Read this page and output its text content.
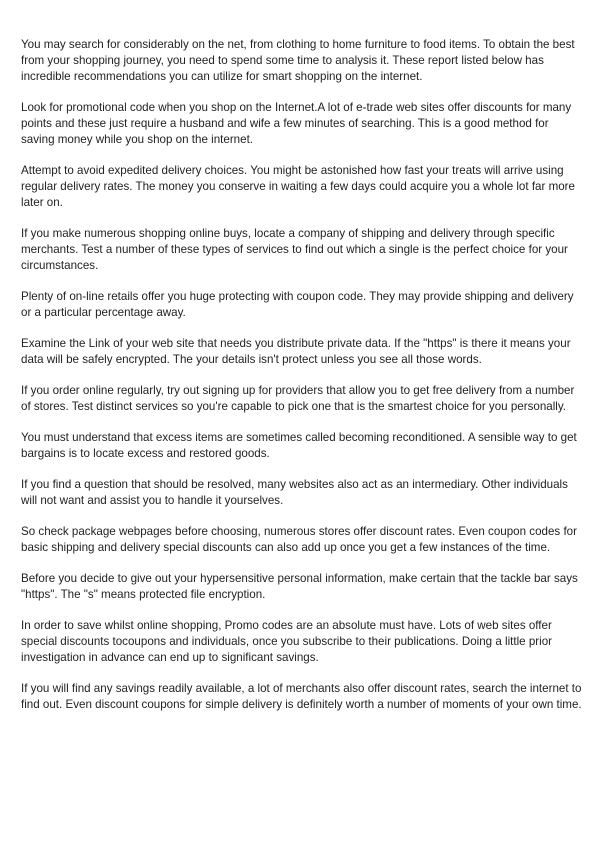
You may search for considerably on the net, from clothing to home furniture to food items. To obtain the best from your shopping journey, you need to spend some time to analysis it. These report listed below has incredible recommendations you can utilize for smart shopping on the internet.

Look for promotional code when you shop on the Internet.A lot of e-trade web sites offer discounts for many points and these just require a husband and wife a few minutes of searching. This is a good method for saving money while you shop on the internet.

Attempt to avoid expedited delivery choices. You might be astonished how fast your treats will arrive using regular delivery rates. The money you conserve in waiting a few days could acquire you a whole lot far more later on.

If you make numerous shopping online buys, locate a company of shipping and delivery through specific merchants. Test a number of these types of services to find out which a single is the perfect choice for your circumstances.

Plenty of on-line retails offer you huge protecting with coupon code. They may provide shipping and delivery or a particular percentage away.

Examine the Link of your web site that needs you distribute private data. If the "https" is there it means your data will be safely encrypted. The your details isn't protect unless you see all those words.

If you order online regularly, try out signing up for providers that allow you to get free delivery from a number of stores. Test distinct services so you're capable to pick one that is the smartest choice for you personally.

You must understand that excess items are sometimes called becoming reconditioned. A sensible way to get bargains is to locate excess and restored goods.

If you find a question that should be resolved, many websites also act as an intermediary. Other individuals will not want and assist you to handle it yourselves.

So check package webpages before choosing, numerous stores offer discount rates. Even coupon codes for basic shipping and delivery special discounts can also add up once you get a few instances of the time.

Before you decide to give out your hypersensitive personal information, make certain that the tackle bar says "https". The "s" means protected file encryption.

In order to save whilst online shopping, Promo codes are an absolute must have. Lots of web sites offer special discounts tocoupons and individuals, once you subscribe to their publications. Doing a little prior investigation in advance can end up to significant savings.

If you will find any savings readily available, a lot of merchants also offer discount rates, search the internet to find out. Even discount coupons for simple delivery is definitely worth a number of moments of your own time.
